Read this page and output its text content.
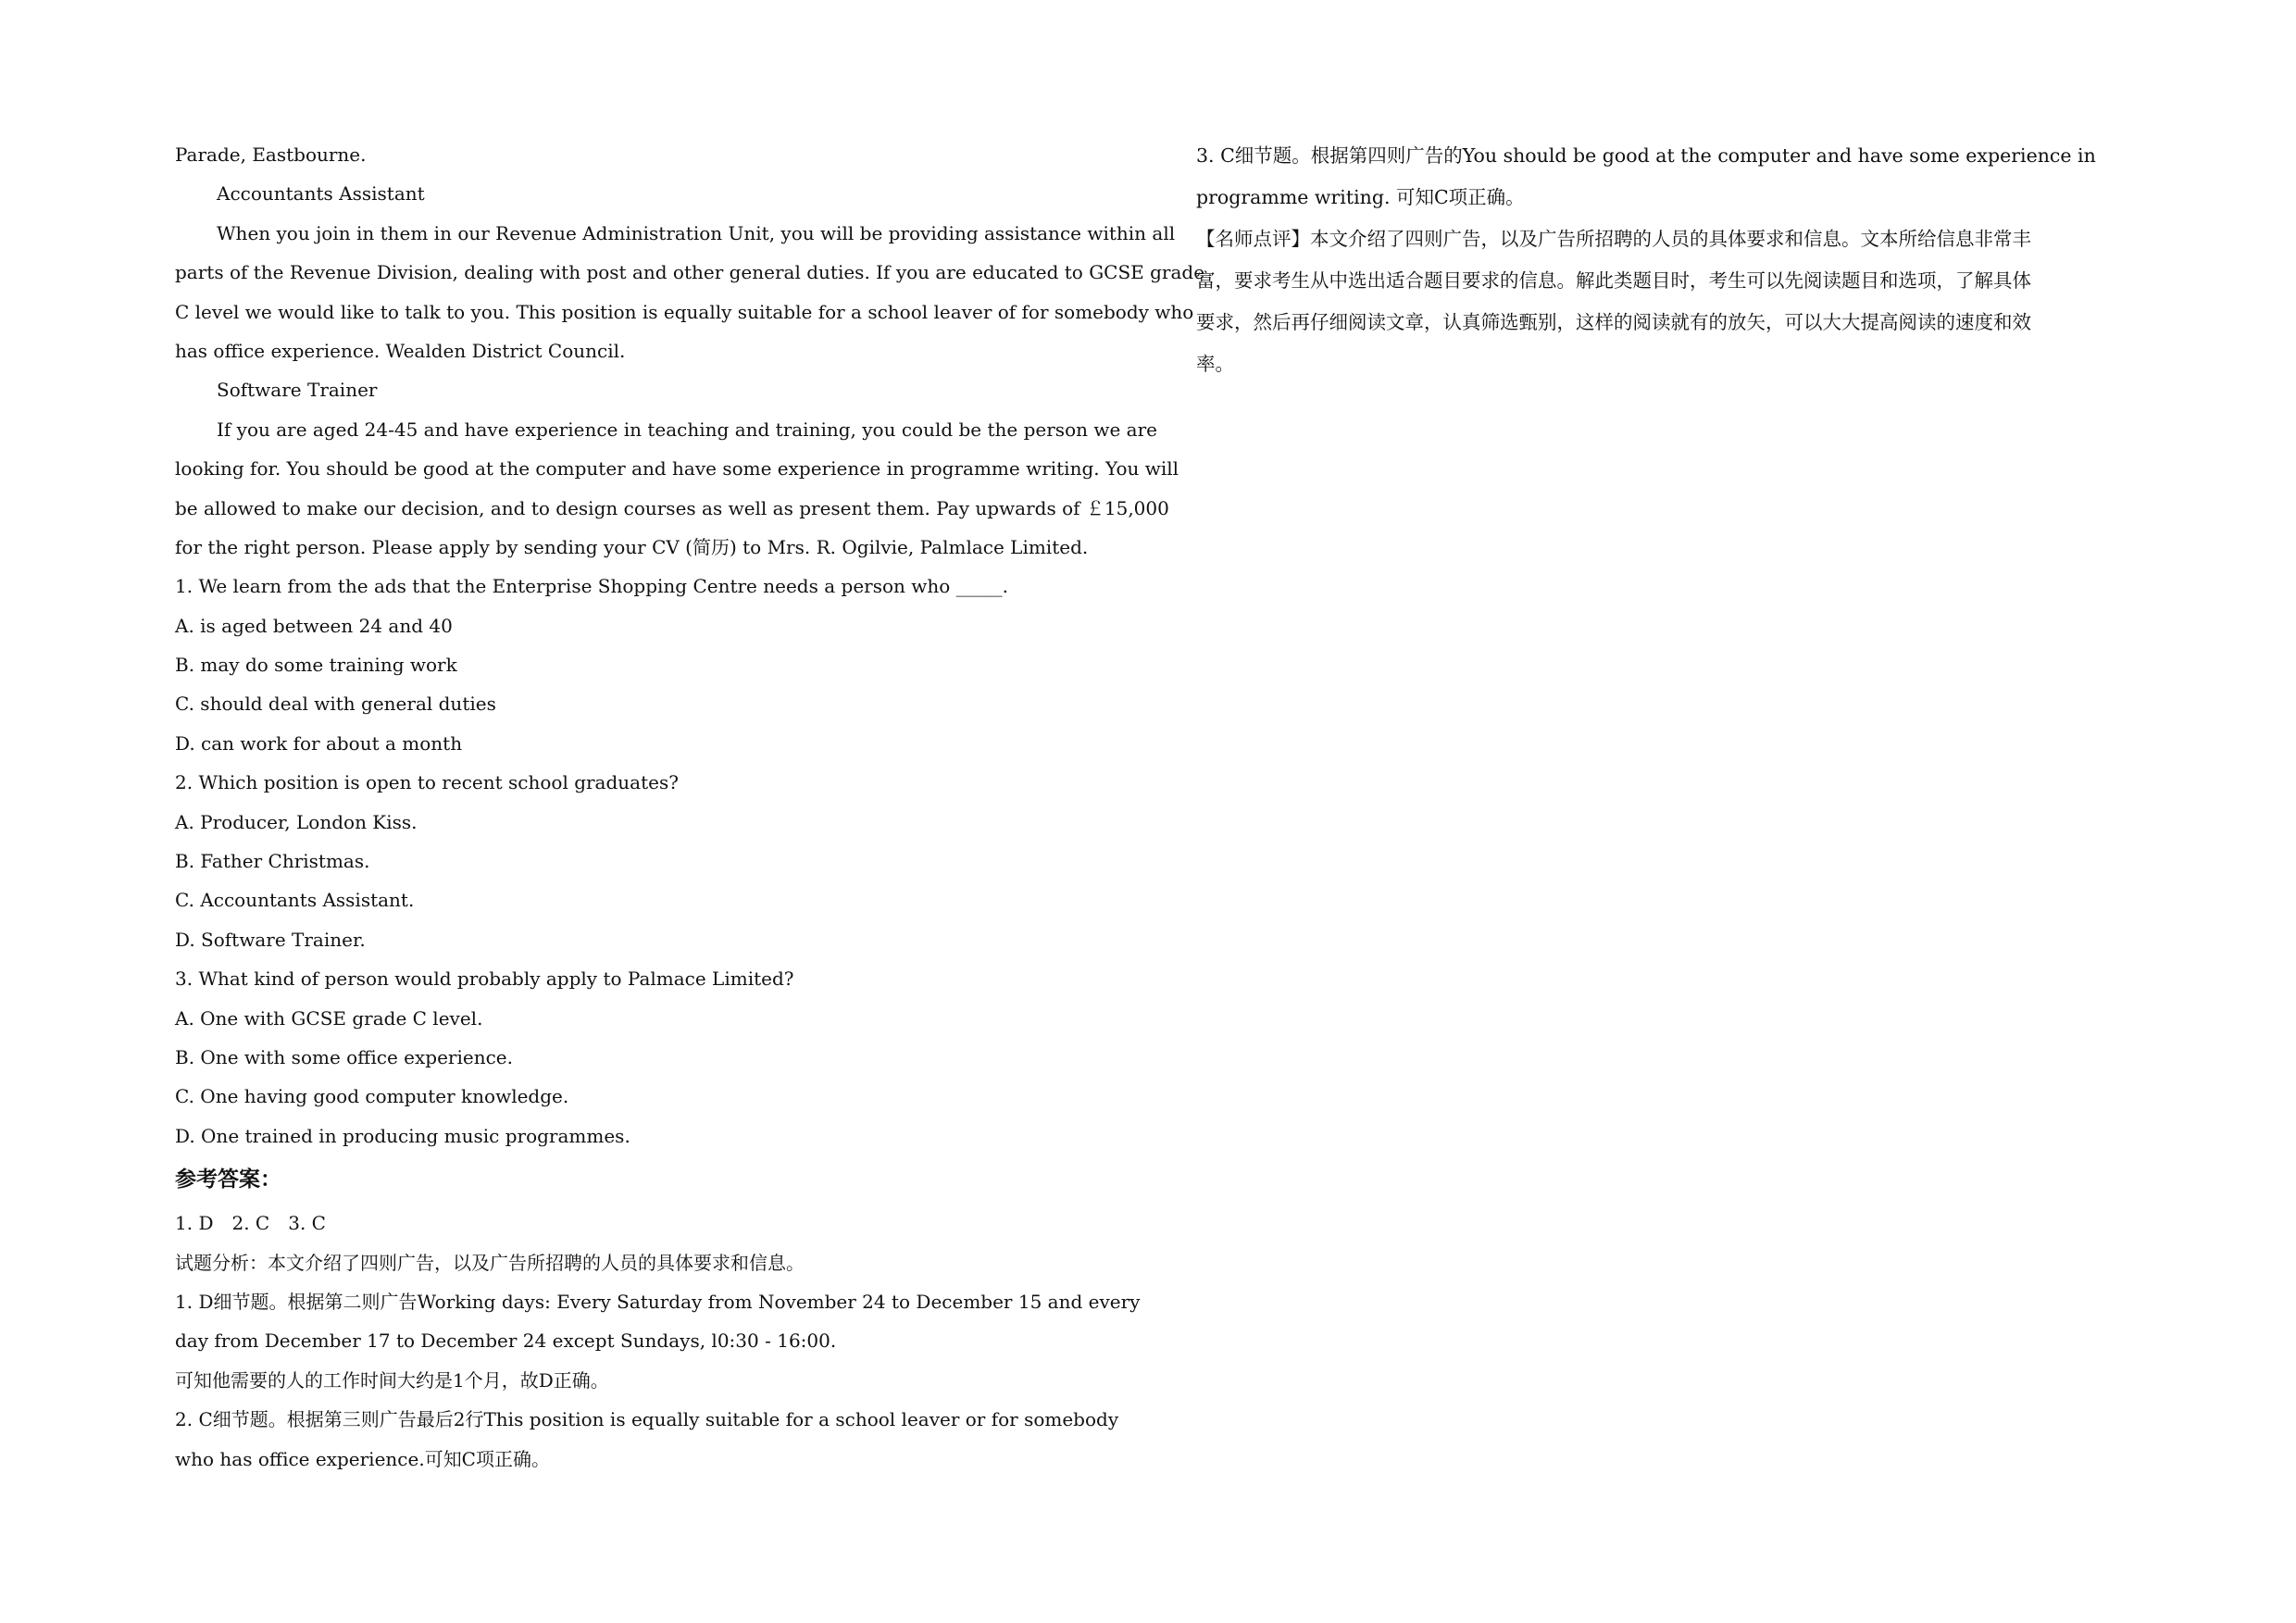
Parade, Eastbourne.
Accountants Assistant
When you join in them in our Revenue Administration Unit, you will be providing assistance within all
parts of the Revenue Division, dealing with post and other general duties. If you are educated to GCSE grade
C level we would like to talk to you. This position is equally suitable for a school leaver of for somebody who
has office experience. Wealden District Council.
Software Trainer
If you are aged 24-45 and have experience in teaching and training, you could be the person we are
looking for. You should be good at the computer and have some experience in programme writing. You will
be allowed to make our decision, and to design courses as well as present them. Pay upwards of ￡15,000
for the right person. Please apply by sending your CV (简历) to Mrs. R. Ogilvie, Palmlace Limited.
1. We learn from the ads that the Enterprise Shopping Centre needs a person who _____.
A. is aged between 24 and 40
B. may do some training work
C. should deal with general duties
D. can work for about a month
2. Which position is open to recent school graduates?
A. Producer, London Kiss.
B. Father Christmas.
C. Accountants Assistant.
D. Software Trainer.
3. What kind of person would probably apply to Palmace Limited?
A. One with GCSE grade C level.
B. One with some office experience.
C. One having good computer knowledge.
D. One trained in producing music programmes.
参考答案：
1. D　2. C　3. C
试题分析：本文介绍了四则广告，以及广告所招聘的人员的具体要求和信息。
1. D细节题。根据第二则广告Working days: Every Saturday from November 24 to December 15 and every
day from December 17 to December 24 except Sundays, l0:30 - 16:00.
可知他需要的人的工作时间大约是1个月，故D正确。
2. C细节题。根据第三则广告最后2行This position is equally suitable for a school leaver or for somebody
who has office experience.可知C项正确。
3. C细节题。根据第四则广告的You should be good at the computer and have some experience in
programme writing. 可知C项正确。
【名师点评】本文介绍了四则广告，以及广告所招聘的人员的具体要求和信息。文本所给信息非常丰
富，要求考生从中选出适合题目要求的信息。解此类题目时，考生可以先阅读题目和选项，了解具体
要求，然后再仔细阅读文章，认真筛选甄别，这样的阅读就有的放矢，可以大大提高阅读的速度和效
率。
